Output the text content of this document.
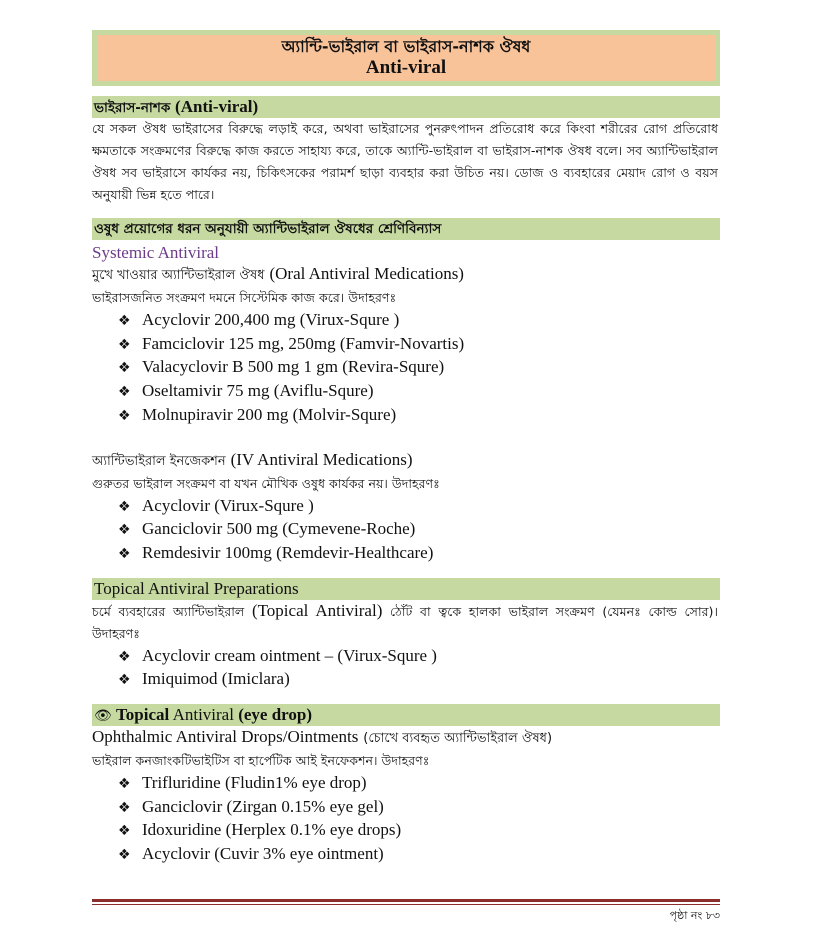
অ্যান্টি-ভাইরাল বা ভাইরাস-নাশক ঔষধ
Anti-viral
ভাইরাস-নাশক (Anti-viral)

যে সকল ঔষধ ভাইরাসের বিরুদ্ধে লড়াই করে, অথবা ভাইরাসের পুনরুৎপাদন প্রতিরোধ করে কিংবা শরীরের রোগ প্রতিরোধ ক্ষমতাকে সংক্রমণের বিরুদ্ধে কাজ করতে সাহায্য করে, তাকে অ্যান্টি-ভাইরাল বা ভাইরাস-নাশক ঔষধ বলে। সব অ্যান্টিভাইরাল ঔষধ সব ভাইরাসে কার্যকর নয়, চিকিৎসকের পরামর্শ ছাড়া ব্যবহার করা উচিত নয়। ডোজ ও ব্যবহারের মেয়াদ রোগ ও বয়স অনুযায়ী ভিন্ন হতে পারে।

ওষুধ প্রয়োগের ধরন অনুযায়ী অ্যান্টিভাইরাল ঔষধের শ্রেণিবিন্যাস
Systemic Antiviral
মুখে খাওয়ার অ্যান্টিভাইরাল ঔষধ (Oral Antiviral Medications)
ভাইরাসজনিত সংক্রমণ দমনে সিস্টেমিক কাজ করে। উদাহরণঃ
❖ Acyclovir 200,400 mg (Virux-Squre )
❖ Famciclovir 125 mg, 250mg (Famvir-Novartis)
❖ Valacyclovir B 500 mg 1 gm (Revira-Squre)
❖ Oseltamivir 75 mg (Aviflu-Squre)
❖ Molnupiravir 200 mg (Molvir-Squre)
অ্যান্টিভাইরাল ইনজেকশন (IV Antiviral Medications)
গুরুতর ভাইরাল সংক্রমণ বা যখন মৌখিক ওষুধ কার্যকর নয়। উদাহরণঃ
❖ Acyclovir (Virux-Squre )
❖ Ganciclovir 500 mg (Cymevene-Roche)
❖ Remdesivir 100mg (Remdevir-Healthcare)
Topical Antiviral Preparations

চর্মে ব্যবহারের অ্যান্টিভাইরাল (Topical Antiviral) ঠোঁট বা ত্বকে হালকা ভাইরাল সংক্রমণ (যেমনঃ কোল্ড সোর)। উদাহরণঃ

❖ Acyclovir cream ointment – (Virux-Squre )
❖ Imiquimod (Imiclara)
👁︎ Topical Antiviral (eye drop)
Ophthalmic Antiviral Drops/Ointments (চোখে ব্যবহৃত অ্যান্টিভাইরাল ঔষধ)
ভাইরাল কনজাংকটিভাইটিস বা হার্পেটিক আই ইনফেকশন। উদাহরণঃ
❖ Trifluridine (Fludin1% eye drop)
❖ Ganciclovir (Zirgan 0.15% eye gel)
❖ Idoxuridine (Herplex 0.1% eye drops)
❖ Acyclovir (Cuvir 3% eye ointment)
পৃষ্ঠা নং ৮৩
